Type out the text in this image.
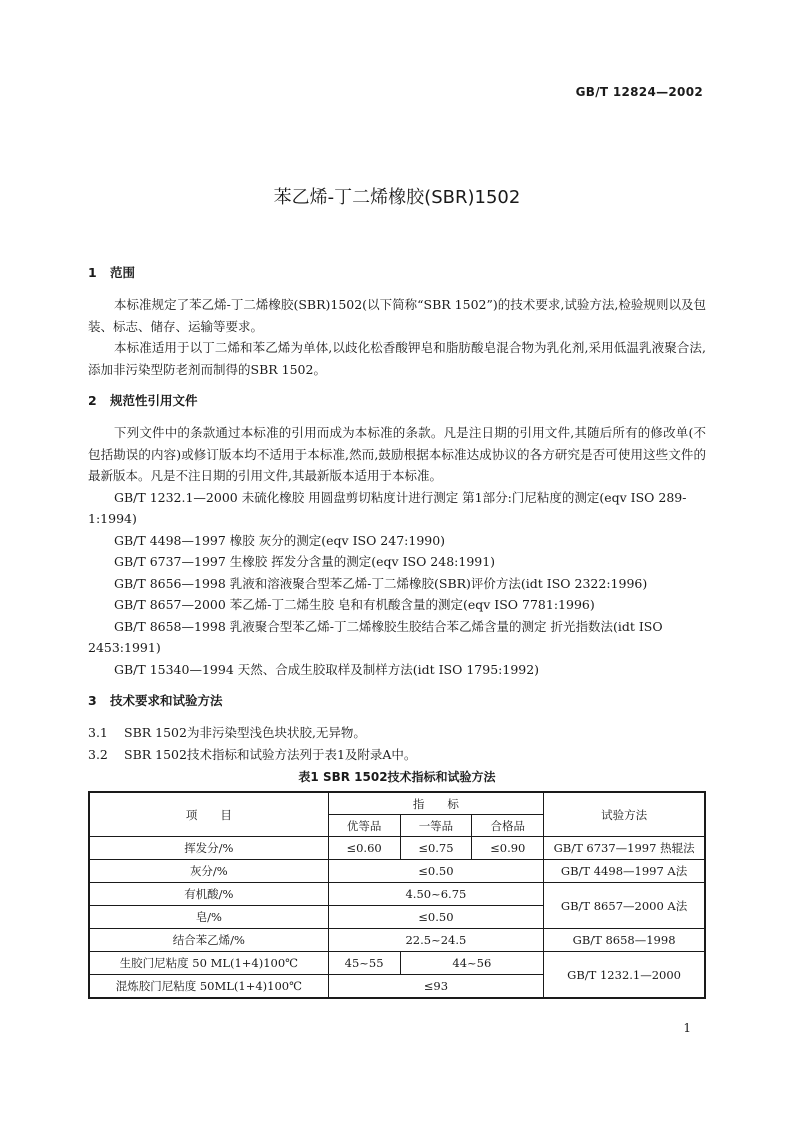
GB/T 12824—2002
苯乙烯-丁二烯橡胶(SBR)1502
1 范围

本标准规定了苯乙烯-丁二烯橡胶(SBR)1502(以下简称“SBR 1502”)的技术要求,试验方法,检验规则以及包装、标志、储存、运输等要求。

本标准适用于以丁二烯和苯乙烯为单体,以歧化松香酸钾皂和脂肪酸皂混合物为乳化剂,采用低温乳液聚合法,添加非污染型防老剂而制得的SBR 1502。

2 规范性引用文件

下列文件中的条款通过本标准的引用而成为本标准的条款。凡是注日期的引用文件,其随后所有的修改单(不包括勘误的内容)或修订版本均不适用于本标准,然而,鼓励根据本标准达成协议的各方研究是否可使用这些文件的最新版本。凡是不注日期的引用文件,其最新版本适用于本标准。

GB/T 1232.1—2000 未硫化橡胶 用圆盘剪切粘度计进行测定 第1部分:门尼粘度的测定(eqv ISO 289-1:1994)

GB/T 4498—1997 橡胶 灰分的测定(eqv ISO 247:1990)

GB/T 6737—1997 生橡胶 挥发分含量的测定(eqv ISO 248:1991)

GB/T 8656—1998 乳液和溶液聚合型苯乙烯-丁二烯橡胶(SBR)评价方法(idt ISO 2322:1996)

GB/T 8657—2000 苯乙烯-丁二烯生胶 皂和有机酸含量的测定(eqv ISO 7781:1996)

GB/T 8658—1998 乳液聚合型苯乙烯-丁二烯橡胶生胶结合苯乙烯含量的测定 折光指数法(idt ISO 2453:1991)

GB/T 15340—1994 天然、合成生胶取样及制样方法(idt ISO 1795:1992)

3 技术要求和试验方法

3.1 SBR 1502为非污染型浅色块状胶,无异物。

3.2 SBR 1502技术指标和试验方法列于表1及附录A中。

表1 SBR 1502技术指标和试验方法
项　　目	指　　标			试验方法
	优等品	一等品	合格品	
挥发分/%	≤0.60	≤0.75	≤0.90	GB/T 6737—1997 热辊法
灰分/%	≤0.50			GB/T 4498—1997 A法
有机酸/%	4.50~6.75			GB/T 8657—2000 A法
皂/%	≤0.50			
结合苯乙烯/%	22.5~24.5			GB/T 8658—1998
生胶门尼粘度 50 ML(1+4)100℃	45~55	44~56		GB/T 1232.1—2000
混炼胶门尼粘度 50ML(1+4)100℃	≤93			
1
